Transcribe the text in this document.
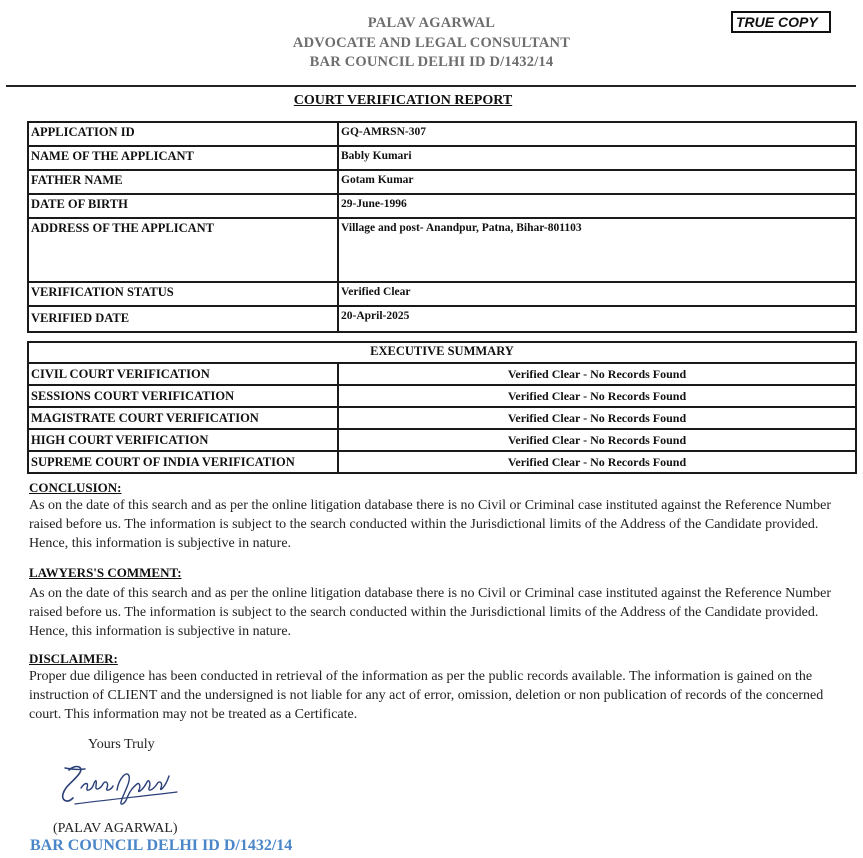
PALAV AGARWAL
ADVOCATE AND LEGAL CONSULTANT
BAR COUNCIL DELHI ID D/1432/14
TRUE COPY
COURT VERIFICATION REPORT
APPLICATION ID	GQ-AMRSN-307
NAME OF THE APPLICANT	Bably Kumari
FATHER NAME	Gotam Kumar
DATE OF BIRTH	29-June-1996
ADDRESS OF THE APPLICANT	Village and post- Anandpur, Patna, Bihar-801103
VERIFICATION STATUS	Verified Clear
VERIFIED DATE	20-April-2025
EXECUTIVE SUMMARY	
CIVIL COURT VERIFICATION	Verified Clear - No Records Found
SESSIONS COURT VERIFICATION	Verified Clear - No Records Found
MAGISTRATE COURT VERIFICATION	Verified Clear - No Records Found
HIGH COURT VERIFICATION	Verified Clear - No Records Found
SUPREME COURT OF INDIA VERIFICATION	Verified Clear - No Records Found
CONCLUSION:
As on the date of this search and as per the online litigation database there is no Civil or Criminal case instituted against the Reference Number raised before us. The information is subject to the search conducted within the Jurisdictional limits of the Address of the Candidate provided. Hence, this information is subjective in nature.
LAWYERS'S COMMENT:
As on the date of this search and as per the online litigation database there is no Civil or Criminal case instituted against the Reference Number raised before us. The information is subject to the search conducted within the Jurisdictional limits of the Address of the Candidate provided. Hence, this information is subjective in nature.
DISCLAIMER:
Proper due diligence has been conducted in retrieval of the information as per the public records available. The information is gained on the instruction of CLIENT and the undersigned is not liable for any act of error, omission, deletion or non publication of records of the concerned court. This information may not be treated as a Certificate.
Yours Truly
(PALAV AGARWAL)
BAR COUNCIL DELHI ID D/1432/14
